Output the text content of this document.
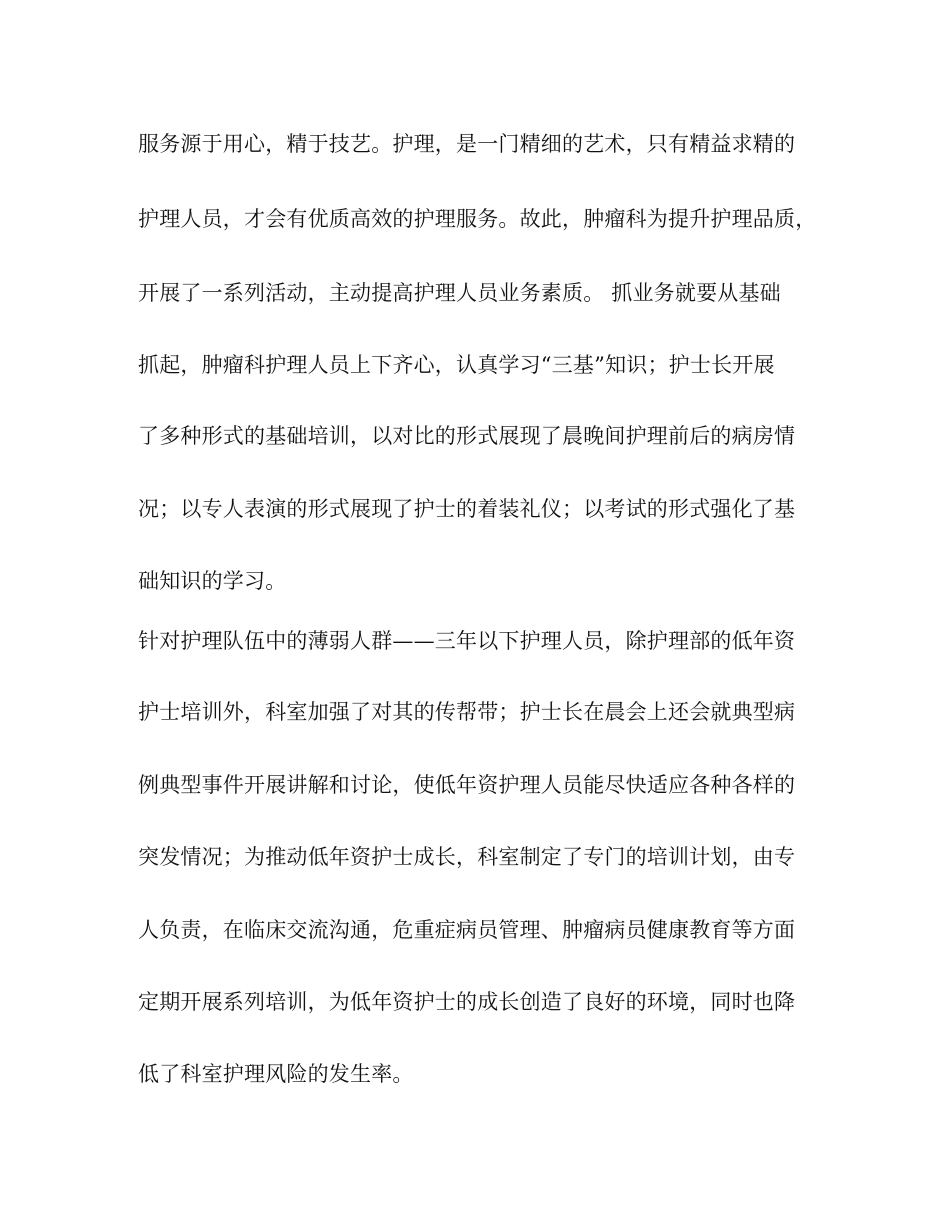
服务源于用心，精于技艺。护理，是一门精细的艺术，只有精益求精的
护理人员，才会有优质高效的护理服务。故此，肿瘤科为提升护理品质，
开展了一系列活动，主动提高护理人员业务素质。 抓业务就要从基础
抓起，肿瘤科护理人员上下齐心，认真学习“三基”知识；护士长开展
了多种形式的基础培训，以对比的形式展现了晨晚间护理前后的病房情
况；以专人表演的形式展现了护士的着装礼仪；以考试的形式强化了基
础知识的学习。
针对护理队伍中的薄弱人群——三年以下护理人员，除护理部的低年资
护士培训外，科室加强了对其的传帮带；护士长在晨会上还会就典型病
例典型事件开展讲解和讨论，使低年资护理人员能尽快适应各种各样的
突发情况；为推动低年资护士成长，科室制定了专门的培训计划，由专
人负责，在临床交流沟通，危重症病员管理、肿瘤病员健康教育等方面
定期开展系列培训，为低年资护士的成长创造了良好的环境，同时也降
低了科室护理风险的发生率。
